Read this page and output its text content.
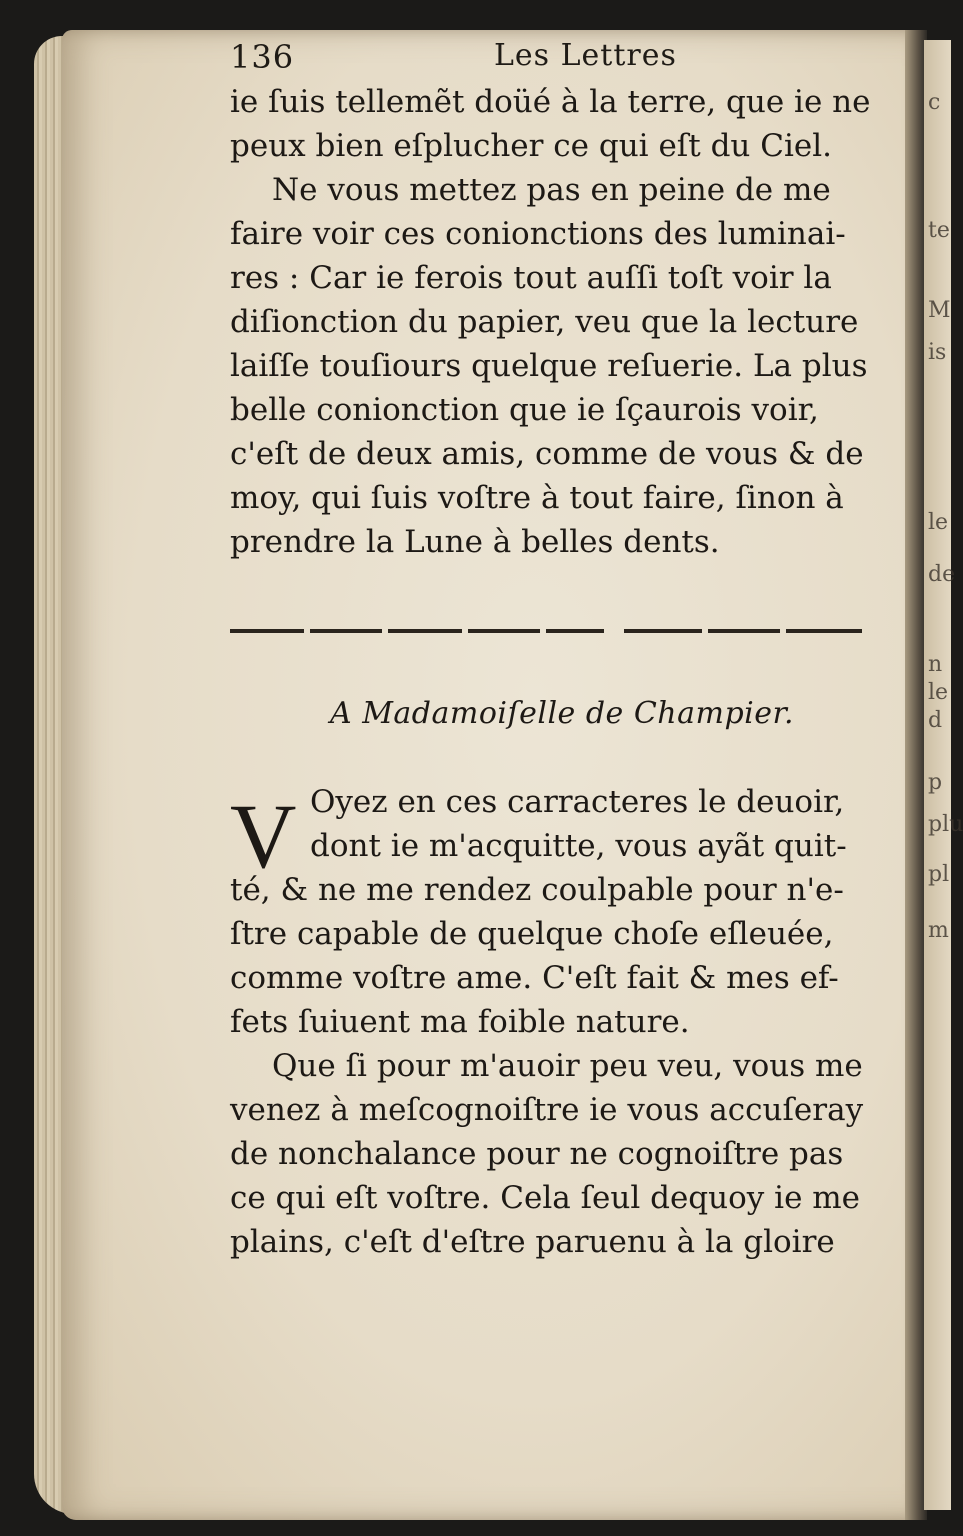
c
te
M
is
le
de
n
le
d
p
plu
pl
m
136	Les Lettres
ie ſuis tellemẽt doüé à la terre, que ie ne
peux bien eſplucher ce qui eſt du Ciel.
Ne vous mettez pas en peine de me
faire voir ces conionctions des luminai-
res : Car ie ferois tout auſſi toſt voir la
diſionction du papier, veu que la lecture
laiſſe touſiours quelque reſuerie. La plus
belle conionction que ie ſçaurois voir,
c'eſt de deux amis, comme de vous & de
moy, qui ſuis voſtre à tout faire, ſinon à
prendre la Lune à belles dents.
A Madamoiſelle de Champier.
V Oyez en ces carracteres le deuoir,
dont ie m'acquitte, vous ayãt quit-
té, & ne me rendez coulpable pour n'e-
ſtre capable de quelque choſe eſleuée,
comme voſtre ame. C'eſt fait & mes ef-
fets ſuiuent ma foible nature.
Que ſi pour m'auoir peu veu, vous me
venez à meſcognoiſtre ie vous accuſeray
de nonchalance pour ne cognoiſtre pas
ce qui eſt voſtre. Cela ſeul dequoy ie me
plains, c'eſt d'eſtre paruenu à la gloire
